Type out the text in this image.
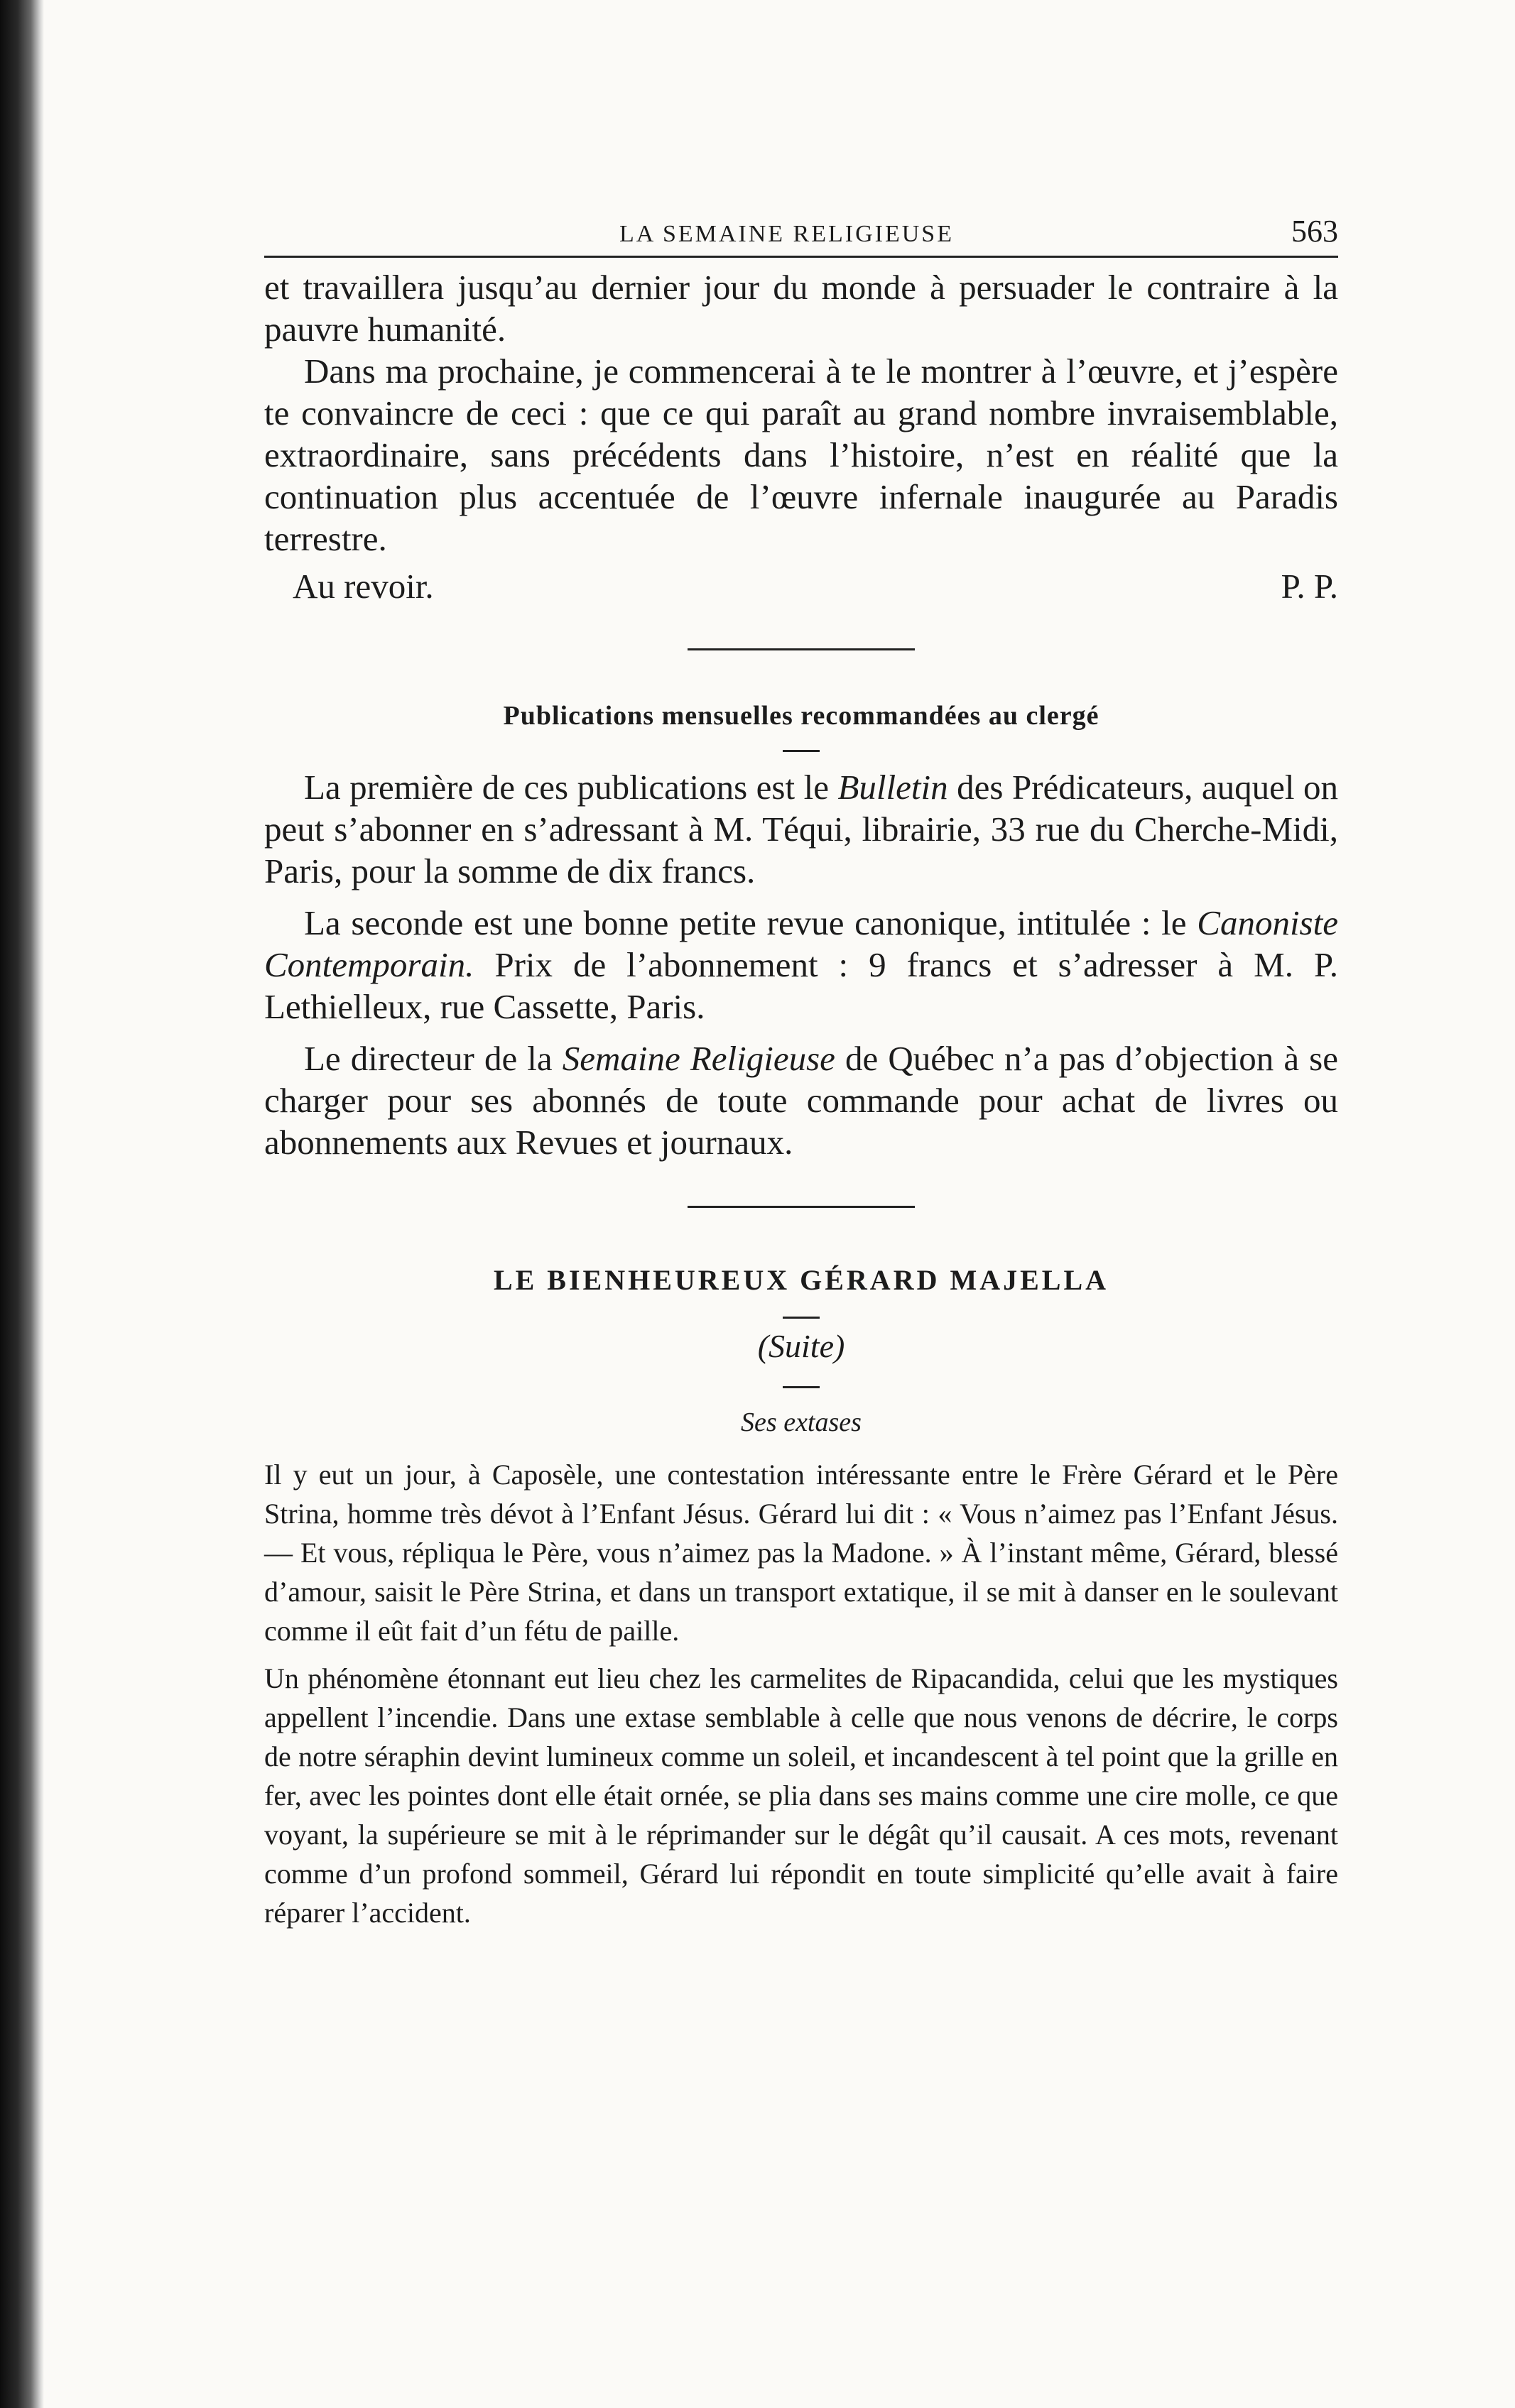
LA SEMAINE RELIGIEUSE	563

et travaillera jusqu’au dernier jour du monde à persuader le contraire à la pauvre humanité.

Dans ma prochaine, je commencerai à te le montrer à l’œuvre, et j’espère te convaincre de ceci : que ce qui paraît au grand nombre invraisemblable, extraordinaire, sans précédents dans l’histoire, n’est en réalité que la continuation plus accentuée de l’œuvre infernale inaugurée au Paradis terrestre.

Au revoir.	P. P.
Publications mensuelles recommandées au clergé

La première de ces publications est le Bulletin des Prédicateurs, auquel on peut s’abonner en s’adressant à M. Téqui, librairie, 33 rue du Cherche-Midi, Paris, pour la somme de dix francs.

La seconde est une bonne petite revue canonique, intitulée : le Canoniste Contemporain. Prix de l’abonnement : 9 francs et s’adresser à M. P. Lethielleux, rue Cassette, Paris.

Le directeur de la Semaine Religieuse de Québec n’a pas d’objection à se charger pour ses abonnés de toute commande pour achat de livres ou abonnements aux Revues et journaux.

LE BIENHEUREUX GÉRARD MAJELLA
(Suite)
Ses extases

Il y eut un jour, à Caposèle, une contestation intéressante entre le Frère Gérard et le Père Strina, homme très dévot à l’Enfant Jésus. Gérard lui dit : « Vous n’aimez pas l’Enfant Jésus. — Et vous, répliqua le Père, vous n’aimez pas la Madone. » À l’instant même, Gérard, blessé d’amour, saisit le Père Strina, et dans un transport extatique, il se mit à danser en le soulevant comme il eût fait d’un fétu de paille.

Un phénomène étonnant eut lieu chez les carmelites de Ripacandida, celui que les mystiques appellent l’incendie. Dans une extase semblable à celle que nous venons de décrire, le corps de notre séraphin devint lumineux comme un soleil, et incandescent à tel point que la grille en fer, avec les pointes dont elle était ornée, se plia dans ses mains comme une cire molle, ce que voyant, la supérieure se mit à le réprimander sur le dégât qu’il causait. A ces mots, revenant comme d’un profond sommeil, Gérard lui répondit en toute simplicité qu’elle avait à faire réparer l’accident.
